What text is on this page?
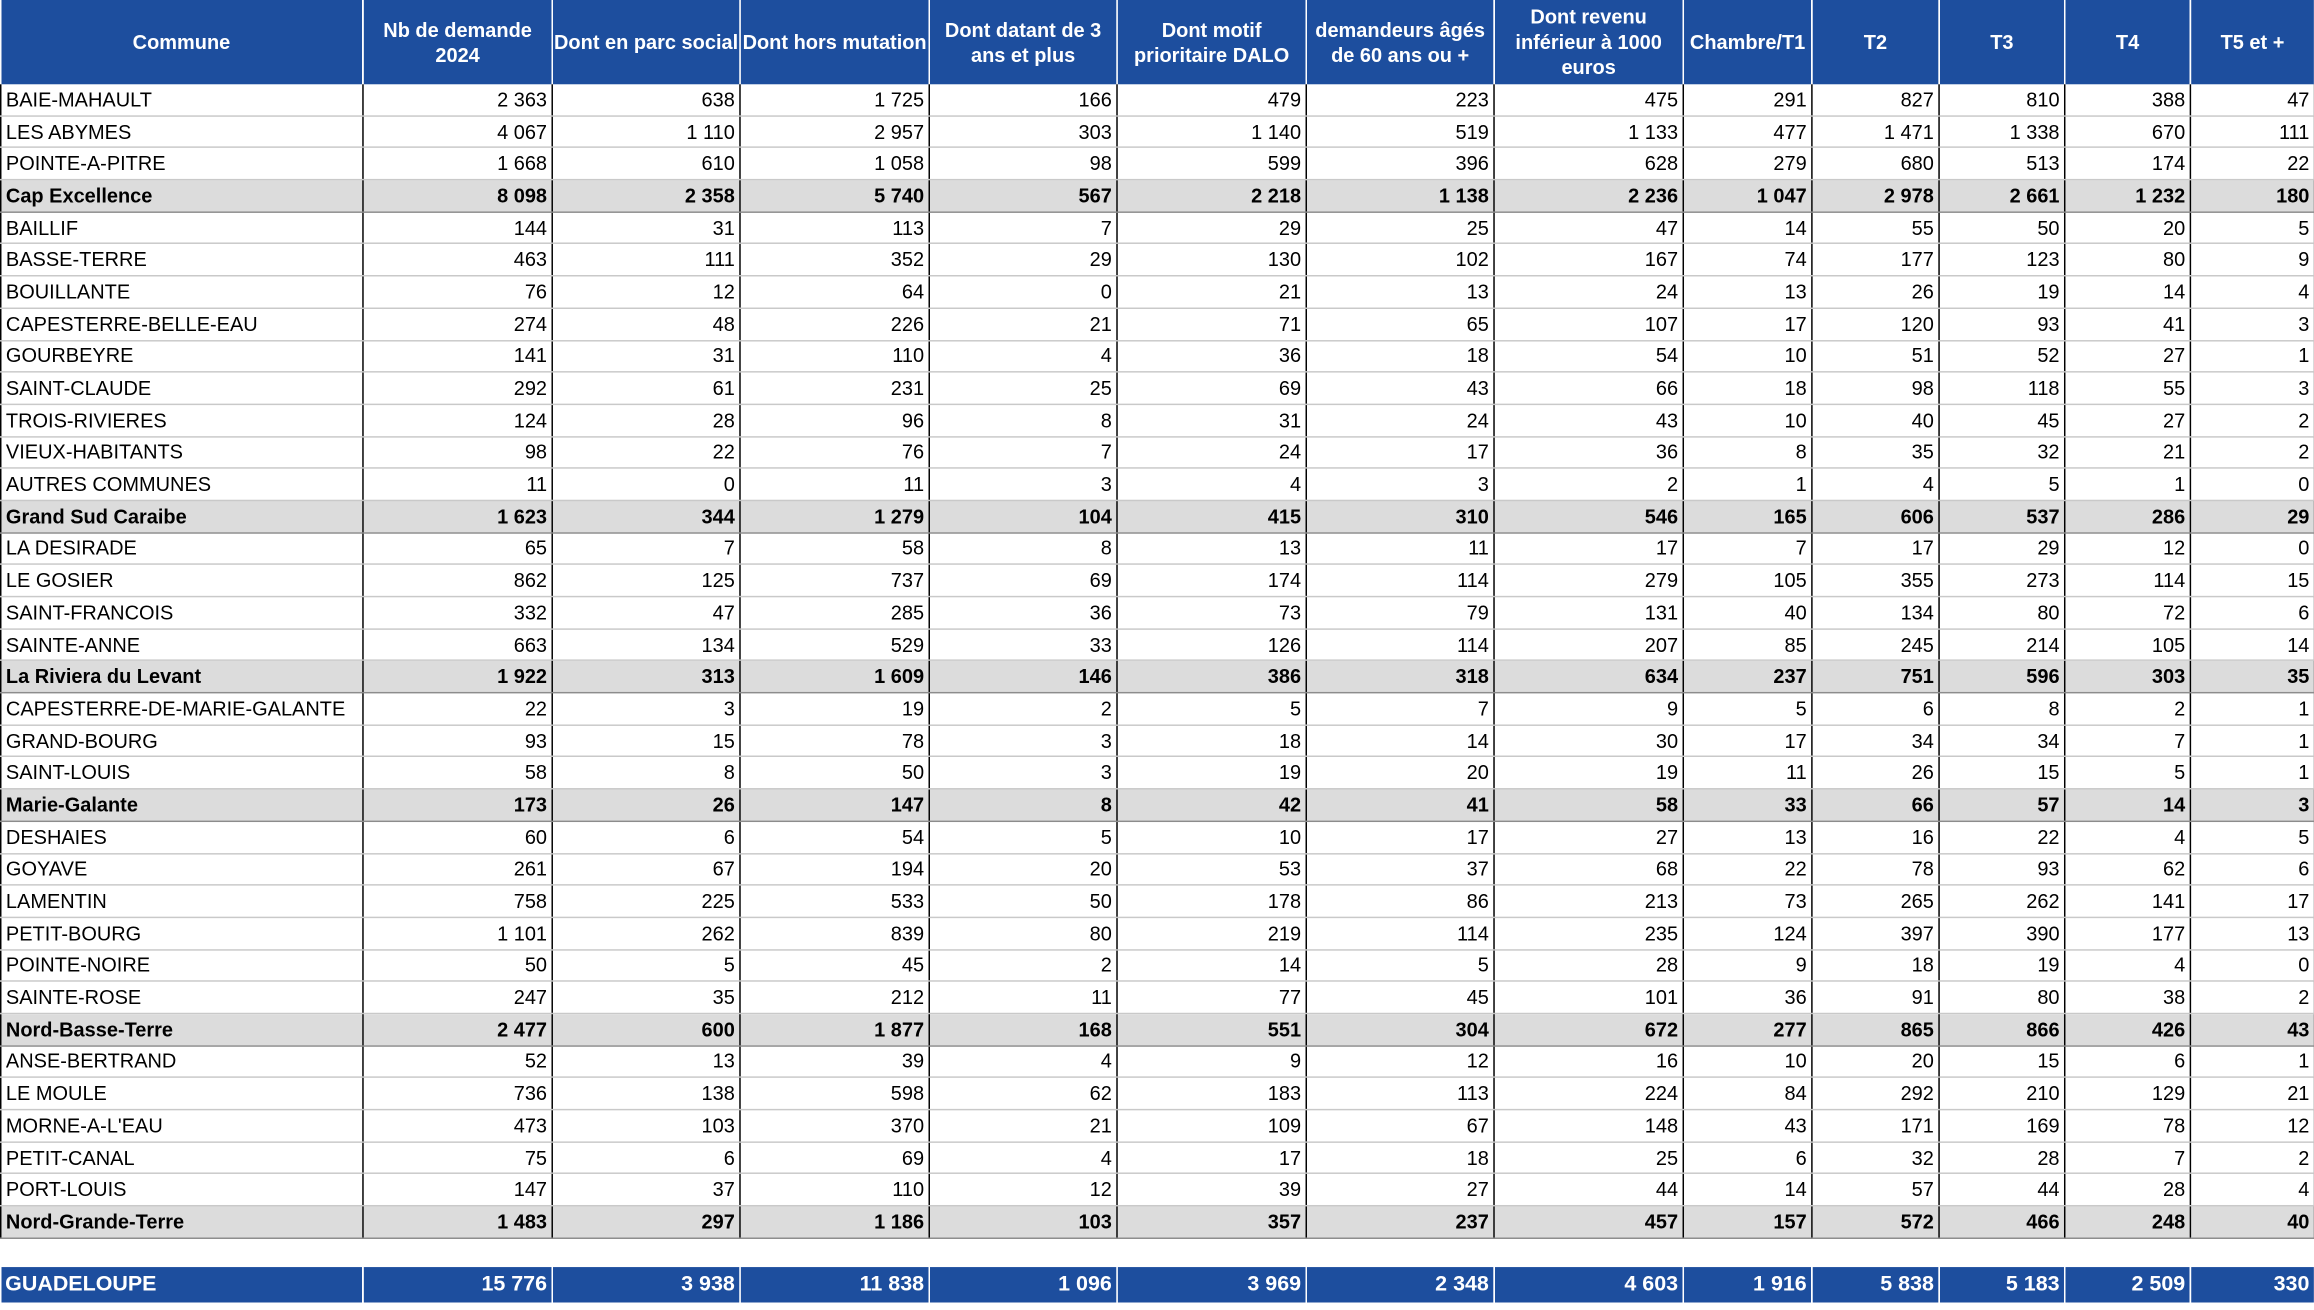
Commune	Nb de demande 2024	Dont en parc social	Dont hors mutation	Dont datant de 3 ans et plus	Dont motif prioritaire DALO	demandeurs âgés de 60 ans ou +	Dont revenu inférieur à 1000 euros	Chambre/T1	T2	T3	T4	T5 et +
BAIE-MAHAULT	2 363	638	1 725	166	479	223	475	291	827	810	388	47
LES ABYMES	4 067	1 110	2 957	303	1 140	519	1 133	477	1 471	1 338	670	111
POINTE-A-PITRE	1 668	610	1 058	98	599	396	628	279	680	513	174	22
Cap Excellence	8 098	2 358	5 740	567	2 218	1 138	2 236	1 047	2 978	2 661	1 232	180
BAILLIF	144	31	113	7	29	25	47	14	55	50	20	5
BASSE-TERRE	463	111	352	29	130	102	167	74	177	123	80	9
BOUILLANTE	76	12	64	0	21	13	24	13	26	19	14	4
CAPESTERRE-BELLE-EAU	274	48	226	21	71	65	107	17	120	93	41	3
GOURBEYRE	141	31	110	4	36	18	54	10	51	52	27	1
SAINT-CLAUDE	292	61	231	25	69	43	66	18	98	118	55	3
TROIS-RIVIERES	124	28	96	8	31	24	43	10	40	45	27	2
VIEUX-HABITANTS	98	22	76	7	24	17	36	8	35	32	21	2
AUTRES COMMUNES	11	0	11	3	4	3	2	1	4	5	1	0
Grand Sud Caraibe	1 623	344	1 279	104	415	310	546	165	606	537	286	29
LA DESIRADE	65	7	58	8	13	11	17	7	17	29	12	0
LE GOSIER	862	125	737	69	174	114	279	105	355	273	114	15
SAINT-FRANCOIS	332	47	285	36	73	79	131	40	134	80	72	6
SAINTE-ANNE	663	134	529	33	126	114	207	85	245	214	105	14
La Riviera du Levant	1 922	313	1 609	146	386	318	634	237	751	596	303	35
CAPESTERRE-DE-MARIE-GALANTE	22	3	19	2	5	7	9	5	6	8	2	1
GRAND-BOURG	93	15	78	3	18	14	30	17	34	34	7	1
SAINT-LOUIS	58	8	50	3	19	20	19	11	26	15	5	1
Marie-Galante	173	26	147	8	42	41	58	33	66	57	14	3
DESHAIES	60	6	54	5	10	17	27	13	16	22	4	5
GOYAVE	261	67	194	20	53	37	68	22	78	93	62	6
LAMENTIN	758	225	533	50	178	86	213	73	265	262	141	17
PETIT-BOURG	1 101	262	839	80	219	114	235	124	397	390	177	13
POINTE-NOIRE	50	5	45	2	14	5	28	9	18	19	4	0
SAINTE-ROSE	247	35	212	11	77	45	101	36	91	80	38	2
Nord-Basse-Terre	2 477	600	1 877	168	551	304	672	277	865	866	426	43
ANSE-BERTRAND	52	13	39	4	9	12	16	10	20	15	6	1
LE MOULE	736	138	598	62	183	113	224	84	292	210	129	21
MORNE-A-L'EAU	473	103	370	21	109	67	148	43	171	169	78	12
PETIT-CANAL	75	6	69	4	17	18	25	6	32	28	7	2
PORT-LOUIS	147	37	110	12	39	27	44	14	57	44	28	4
Nord-Grande-Terre	1 483	297	1 186	103	357	237	457	157	572	466	248	40

GUADELOUPE	15 776	3 938	11 838	1 096	3 969	2 348	4 603	1 916	5 838	5 183	2 509	330
